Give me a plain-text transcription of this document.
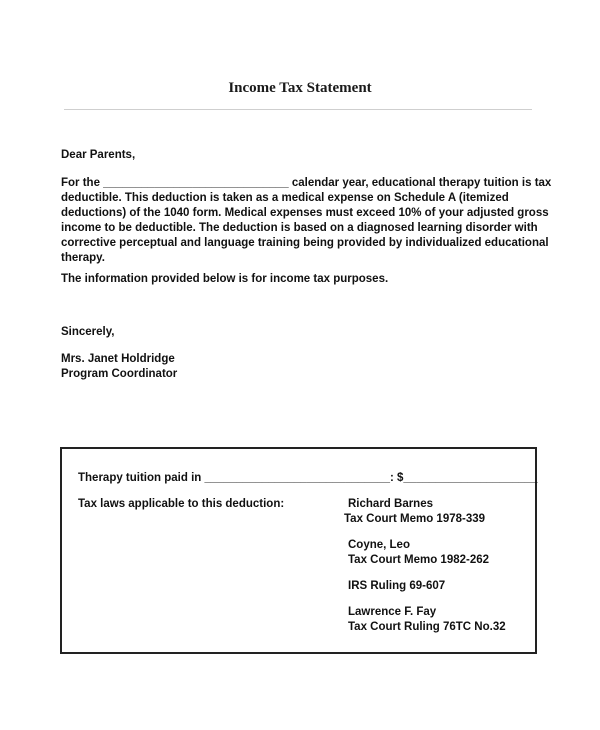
Income Tax Statement
Dear Parents,
For the _____________________________ calendar year, educational therapy tuition is tax
deductible. This deduction is taken as a medical expense on Schedule A (itemized
deductions) of the 1040 form. Medical expenses must exceed 10% of your adjusted gross
income to be deductible. The deduction is based on a diagnosed learning disorder with
corrective perceptual and language training being provided by individualized educational
therapy.
The information provided below is for income tax purposes.
Sincerely,
Mrs. Janet Holdridge
Program Coordinator
Therapy tuition paid in _____________________________: $_____________________
Tax laws applicable to this deduction:	Richard Barnes
Tax Court Memo 1978-339
Coyne, Leo
Tax Court Memo 1982-262
IRS Ruling 69-607
Lawrence F. Fay
Tax Court Ruling 76TC No.32
